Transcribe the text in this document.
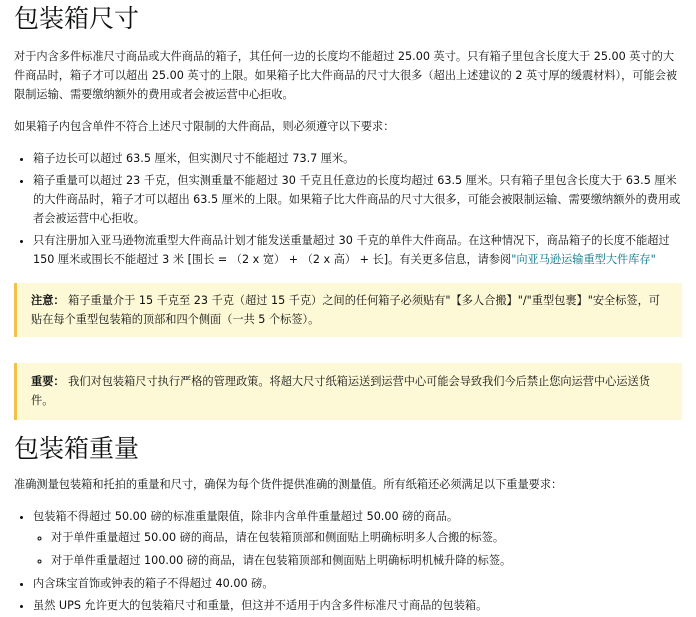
包装箱尺寸

对于内含多件标准尺寸商品或大件商品的箱子，其任何一边的长度均不能超过 25.00 英寸。只有箱子里包含长度大于 25.00 英寸的大件商品时，箱子才可以超出 25.00 英寸的上限。如果箱子比大件商品的尺寸大很多（超出上述建议的 2 英寸厚的缓震材料），可能会被限制运输、需要缴纳额外的费用或者会被运营中心拒收。

如果箱子内包含单件不符合上述尺寸限制的大件商品，则必须遵守以下要求：

• 箱子边长可以超过 63.5 厘米，但实测尺寸不能超过 73.7 厘米。
• 箱子重量可以超过 23 千克，但实测重量不能超过 30 千克且任意边的长度均超过 63.5 厘米。只有箱子里包含长度大于 63.5 厘米的大件商品时，箱子才可以超出 63.5 厘米的上限。如果箱子比大件商品的尺寸大很多，可能会被限制运输、需要缴纳额外的费用或者会被运营中心拒收。
• 只有注册加入亚马逊物流重型大件商品计划才能发送重量超过 30 千克的单件大件商品。在这种情况下，商品箱子的长度不能超过 150 厘米或围长不能超过 3 米 [围长 = （2 x 宽） + （2 x 高） + 长]。有关更多信息，请参阅"向亚马逊运输重型大件库存"
注意： 箱子重量介于 15 千克至 23 千克（超过 15 千克）之间的任何箱子必须贴有"【多人合搬】"/"重型包裹】"安全标签，可贴在每个重型包装箱的顶部和四个侧面（一共 5 个标签）。
重要： 我们对包装箱尺寸执行严格的管理政策。将超大尺寸纸箱运送到运营中心可能会导致我们今后禁止您向运营中心运送货件。
包装箱重量

准确测量包装箱和托拍的重量和尺寸，确保为每个货件提供准确的测量值。所有纸箱还必须满足以下重量要求：

• 包装箱不得超过 50.00 磅的标准重量限值，除非内含单件重量超过 50.00 磅的商品。
◦ 对于单件重量超过 50.00 磅的商品，请在包装箱顶部和侧面贴上明确标明多人合搬的标签。
◦ 对于单件重量超过 100.00 磅的商品，请在包装箱顶部和侧面贴上明确标明机械升降的标签。
• 内含珠宝首饰或钟表的箱子不得超过 40.00 磅。
• 虽然 UPS 允许更大的包装箱尺寸和重量，但这并不适用于内含多件标准尺寸商品的包装箱。
